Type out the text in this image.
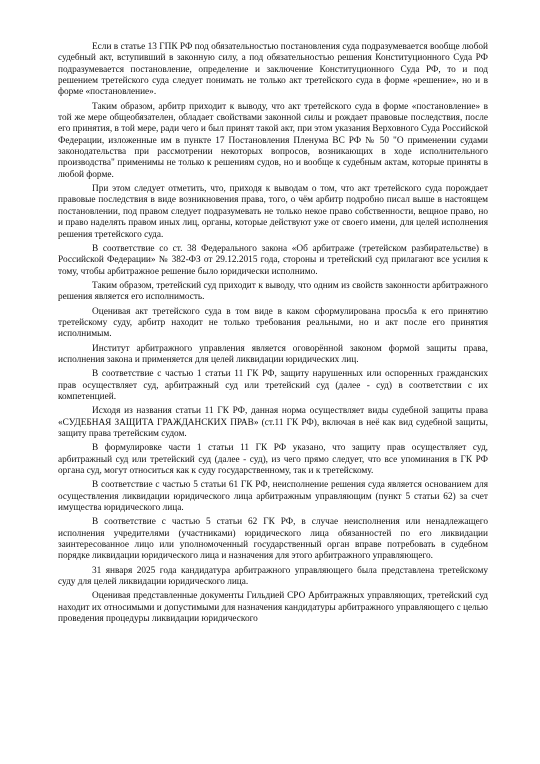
Если в статье 13 ГПК РФ под обязательностью постановления суда подразумевается вообще любой судебный акт, вступивший в законную силу, а под обязательностью решения Конституционного Суда РФ подразумевается постановление, определение и заключение Конституционного Суда РФ, то и под решением третейского суда следует понимать не только акт третейского суда в форме «решение», но и в форме «постановление».

Таким образом, арбитр приходит к выводу, что акт третейского суда в форме «постановление» в той же мере общеобязателен, обладает свойствами законной силы и рождает правовые последствия, после его принятия, в той мере, ради чего и был принят такой акт, при этом указания Верховного Суда Российской Федерации, изложенные им в пункте 17 Постановления Пленума ВС РФ № 50 "О применении судами законодательства при рассмотрении некоторых вопросов, возникающих в ходе исполнительного производства" применимы не только к решениям судов, но и вообще к судебным актам, которые приняты в любой форме.

При этом следует отметить, что, приходя к выводам о том, что акт третейского суда порождает правовые последствия в виде возникновения права, того, о чём арбитр подробно писал выше в настоящем постановлении, под правом следует подразумевать не только некое право собственности, вещное право, но и право наделять правом иных лиц, органы, которые действуют уже от своего имени, для целей исполнения решения третейского суда.

В соответствие со ст. 38 Федерального закона «Об арбитраже (третейском разбирательстве) в Российской Федерации» № 382-ФЗ от 29.12.2015 года, стороны и третейский суд прилагают все усилия к тому, чтобы арбитражное решение было юридически исполнимо.

Таким образом, третейский суд приходит к выводу, что одним из свойств законности арбитражного решения является его исполнимость.

Оценивая акт третейского суда в том виде в каком сформулирована просьба к его принятию третейскому суду, арбитр находит не только требования реальными, но и акт после его принятия исполнимым.

Институт арбитражного управления является оговорённой законом формой защиты права, исполнения закона и применяется для целей ликвидации юридических лиц.

В соответствие с частью 1 статьи 11 ГК РФ, защиту нарушенных или оспоренных гражданских прав осуществляет суд, арбитражный суд или третейский суд (далее - суд) в соответствии с их компетенцией.

Исходя из названия статьи 11 ГК РФ, данная норма осуществляет виды судебной защиты права «СУДЕБНАЯ ЗАЩИТА ГРАЖДАНСКИХ ПРАВ» (ст.11 ГК РФ), включая в неё как вид судебной защиты, защиту права третейским судом.

В формулировке части 1 статьи 11 ГК РФ указано, что защиту прав осуществляет суд, арбитражный суд или третейский суд (далее - суд), из чего прямо следует, что все упоминания в ГК РФ органа суд, могут относиться как к суду государственному, так и к третейскому.

В соответствие с частью 5 статьи 61 ГК РФ, неисполнение решения суда является основанием для осуществления ликвидации юридического лица арбитражным управляющим (пункт 5 статьи 62) за счет имущества юридического лица.

В соответствие с частью 5 статьи 62 ГК РФ, в случае неисполнения или ненадлежащего исполнения учредителями (участниками) юридического лица обязанностей по его ликвидации заинтересованное лицо или уполномоченный государственный орган вправе потребовать в судебном порядке ликвидации юридического лица и назначения для этого арбитражного управляющего.

31 января 2025 года кандидатура арбитражного управляющего была представлена третейскому суду для целей ликвидации юридического лица.

Оценивая представленные документы Гильдией СРО Арбитражных управляющих, третейский суд находит их относимыми и допустимыми для назначения кандидатуры арбитражного управляющего с целью проведения процедуры ликвидации юридического
